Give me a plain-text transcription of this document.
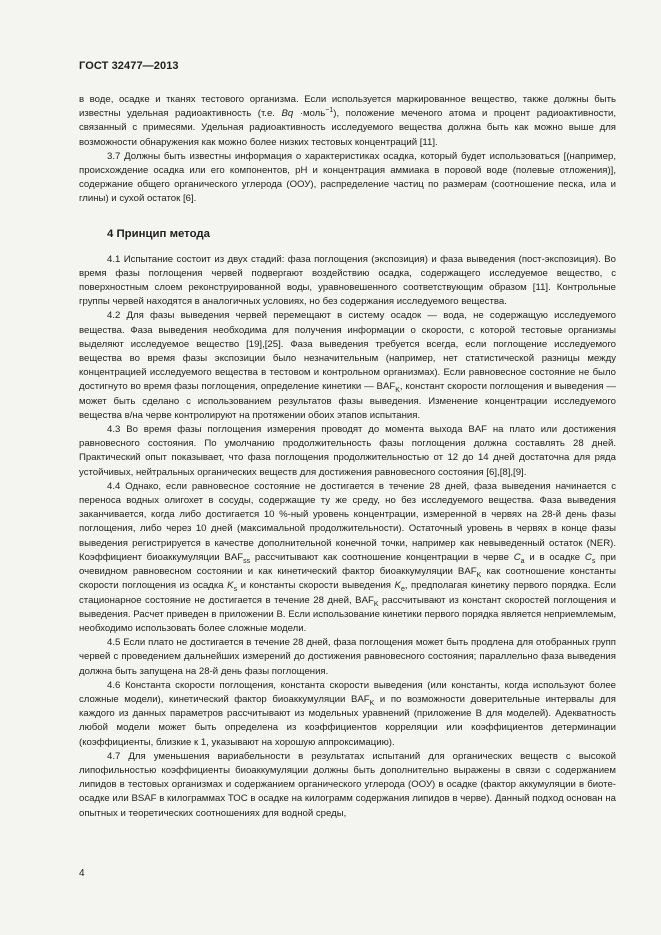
ГОСТ 32477—2013

в воде, осадке и тканях тестового организма. Если используется маркированное вещество, также должны быть известны удельная радиоактивность (т.е. Bq ·моль$^{-1}$), положение меченого атома и процент радиоактивности, связанный с примесями. Удельная радиоактивность исследуемого вещества должна быть как можно выше для возможности обнаружения как можно более низких тестовых концентраций [11].

3.7 Должны быть известны информация о характеристиках осадка, который будет использоваться [(например, происхождение осадка или его компонентов, pH и концентрация аммиака в поровой воде (полевые отложения)], содержание общего органического углерода (ООУ), распределение частиц по размерам (соотношение песка, ила и глины) и сухой остаток [6].

4 Принцип метода

4.1 Испытание состоит из двух стадий: фаза поглощения (экспозиция) и фаза выведения (пост-экспозиция). Во время фазы поглощения червей подвергают воздействию осадка, содержащего исследуемое вещество, с поверхностным слоем реконструированной воды, уравновешенного соответствующим образом [11]. Контрольные группы червей находятся в аналогичных условиях, но без содержания исследуемого вещества.

4.2 Для фазы выведения червей перемещают в систему осадок — вода, не содержащую исследуемого вещества. Фаза выведения необходима для получения информации о скорости, с которой тестовые организмы выделяют исследуемое вещество [19],[25]. Фаза выведения требуется всегда, если поглощение исследуемого вещества во время фазы экспозиции было незначительным (например, нет статистической разницы между концентрацией исследуемого вещества в тестовом и контрольном организмах). Если равновесное состояние не было достигнуто во время фазы поглощения, определение кинетики — $BAF_K$, констант скорости поглощения и выведения — может быть сделано с использованием результатов фазы выведения. Изменение концентрации исследуемого вещества в/на черве контролируют на протяжении обоих этапов испытания.

4.3 Во время фазы поглощения измерения проводят до момента выхода BAF на плато или достижения равновесного состояния. По умолчанию продолжительность фазы поглощения должна составлять 28 дней. Практический опыт показывает, что фаза поглощения продолжительностью от 12 до 14 дней достаточна для ряда устойчивых, нейтральных органических веществ для достижения равновесного состояния [6],[8],[9].

4.4 Однако, если равновесное состояние не достигается в течение 28 дней, фаза выведения начинается с переноса водных олигохет в сосуды, содержащие ту же среду, но без исследуемого вещества. Фаза выведения заканчивается, когда либо достигается 10 %-ный уровень концентрации, измеренной в червях на 28-й день фазы поглощения, либо через 10 дней (максимальной продолжительности). Остаточный уровень в червях в конце фазы выведения регистрируется в качестве дополнительной конечной точки, например как невыведенный остаток (NER). Коэффициент биоаккумуляции $BAF_{ss}$ рассчитывают как соотношение концентрации в черве $C_a$ и в осадке $C_s$ при очевидном равновесном состоянии и как кинетический фактор биоаккумуляции $BAF_K$ как соотношение константы скорости поглощения из осадка $K_s$ и константы скорости выведения $K_e$, предполагая кинетику первого порядка. Если стационарное состояние не достигается в течение 28 дней, $BAF_K$ рассчитывают из констант скоростей поглощения и выведения. Расчет приведен в приложении В. Если использование кинетики первого порядка является неприемлемым, необходимо использовать более сложные модели.

4.5 Если плато не достигается в течение 28 дней, фаза поглощения может быть продлена для отобранных групп червей с проведением дальнейших измерений до достижения равновесного состояния; параллельно фаза выведения должна быть запущена на 28-й день фазы поглощения.

4.6 Константа скорости поглощения, константа скорости выведения (или константы, когда используют более сложные модели), кинетический фактор биоаккумуляции $BAF_K$ и по возможности доверительные интервалы для каждого из данных параметров рассчитывают из модельных уравнений (приложение В для моделей). Адекватность любой модели может быть определена из коэффициентов корреляции или коэффициентов детерминации (коэффициенты, близкие к 1, указывают на хорошую аппроксимацию).

4.7 Для уменьшения вариабельности в результатах испытаний для органических веществ с высокой липофильностью коэффициенты биоаккумуляции должны быть дополнительно выражены в связи с содержанием липидов в тестовых организмах и содержанием органического углерода (ООУ) в осадке (фактор аккумуляции в биоте-осадке или BSAF в килограммах ТОС в осадке на килограмм содержания липидов в черве). Данный подход основан на опытных и теоретических соотношениях для водной среды,

4
